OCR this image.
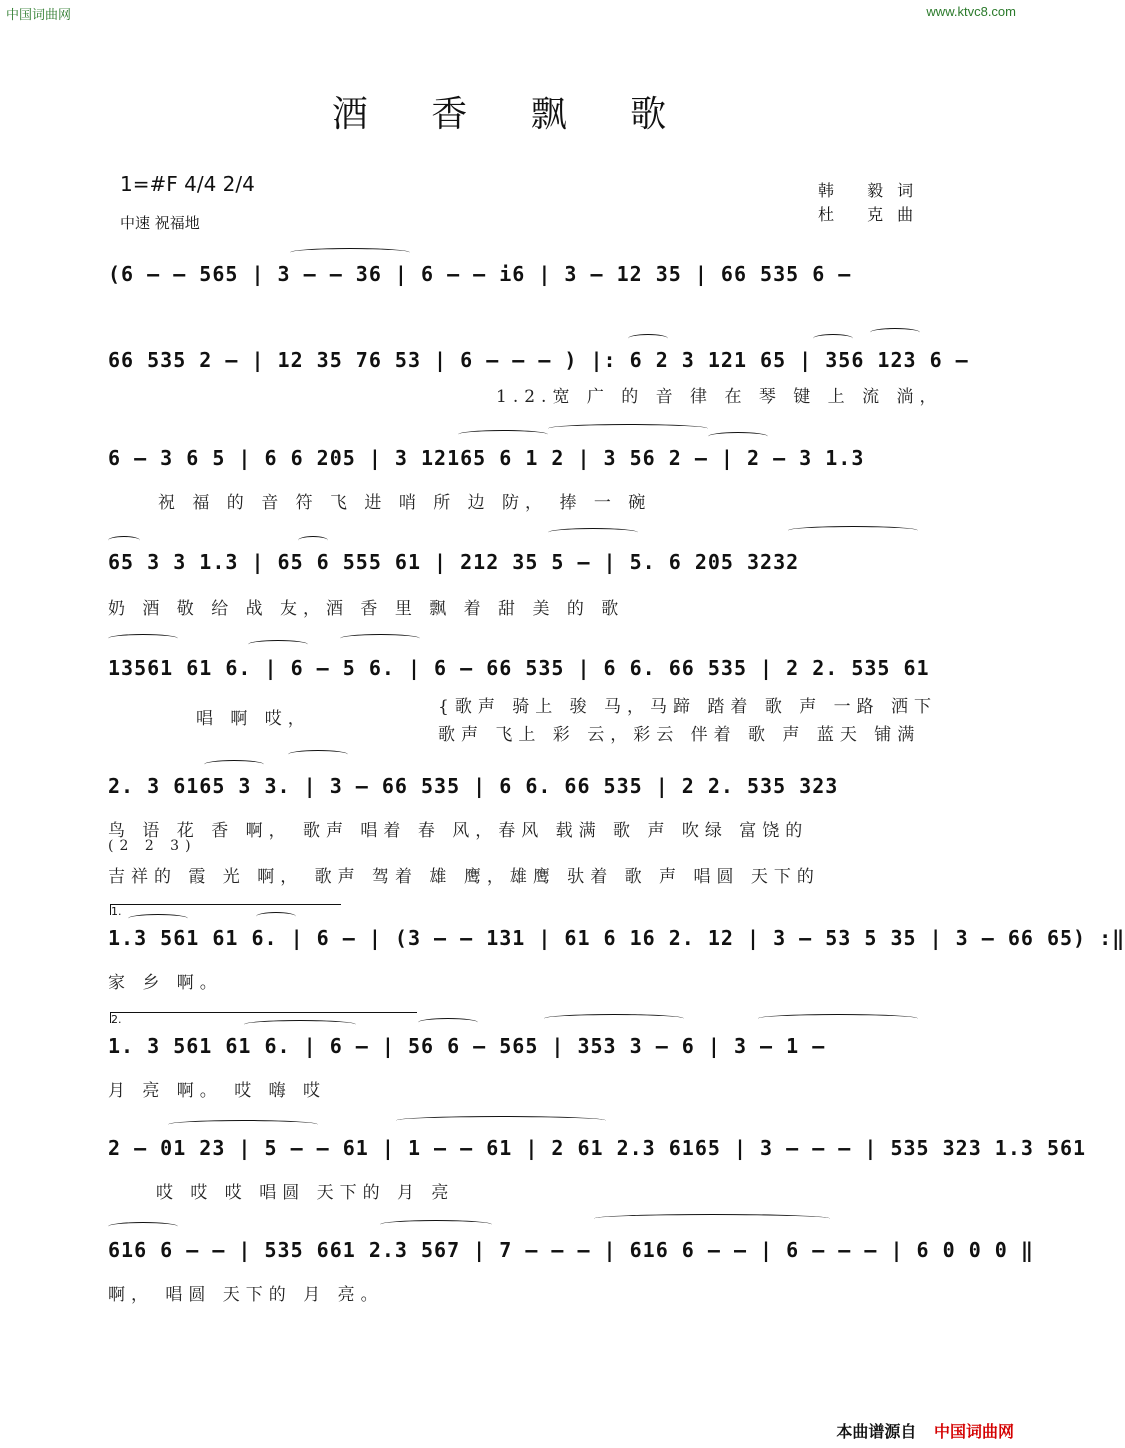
中国词曲网	www.ktvc8.com
酒 香 飘 歌
1=#F 4/4 2/4
中速 祝福地
韩 毅词
杜 克曲
(6 – – 565 | 3 – – 36 | 6 – – i6 | 3 – 12 35 | 66 535 6 –
66 535 2 – | 12 35 76 53 | 6 – – – ) |: 6 2 3 121 65 | 356 123 6 –
1.2.宽 广 的 音 律 在 琴 键 上 流 淌，
6 – 3 6 5 | 6 6 205 | 3 12165 6 1 2 | 3 56 2 – | 2 – 3 1.3
祝 福 的 音 符 飞 进 哨 所 边 防， 捧 一 碗
65 3 3 1.3 | 65 6 555 61 | 212 35 5 – | 5. 6 205 3232
奶 酒 敬 给 战 友，酒 香 里 飘 着 甜 美 的 歌
13561 61 6. | 6 – 5 6. | 6 – 66 535 | 6 6. 66 535 | 2 2. 535 61
唱 啊 哎，
{歌声 骑上 骏 马，马蹄 踏着 歌 声 一路 洒下
歌声 飞上 彩 云，彩云 伴着 歌 声 蓝天 铺满
2. 3 6165 3 3. | 3 – 66 535 | 6 6. 66 535 | 2 2. 535 323
鸟 语 花 香 啊， 歌声 唱着 春 风，春风 载满 歌 声 吹绿 富饶的
(2 2 3)
吉祥的 霞 光 啊， 歌声 驾着 雄 鹰，雄鹰 驮着 歌 声 唱圆 天下的
1.
1.3 561 61 6. | 6 – | (3 – – 131 | 61 6 16 2. 12 | 3 – 53 5 35 | 3 – 66 65) :‖
家 乡 啊。
2.
1. 3 561 61 6. | 6 – | 56 6 – 565 | 353 3 – 6 | 3 – 1 –
月 亮 啊。 哎 嗨 哎
2 – 01 23 | 5 – – 61 | 1 – – 61 | 2 61 2.3 6165 | 3 – – – | 535 323 1.3 561
哎 哎 哎 唱圆 天下的 月 亮
616 6 – – | 535 661 2.3 567 | 7 – – – | 616 6 – – | 6 – – – | 6 0 0 0 ‖
啊， 唱圆 天下的 月 亮。
本曲谱源自 中国词曲网
